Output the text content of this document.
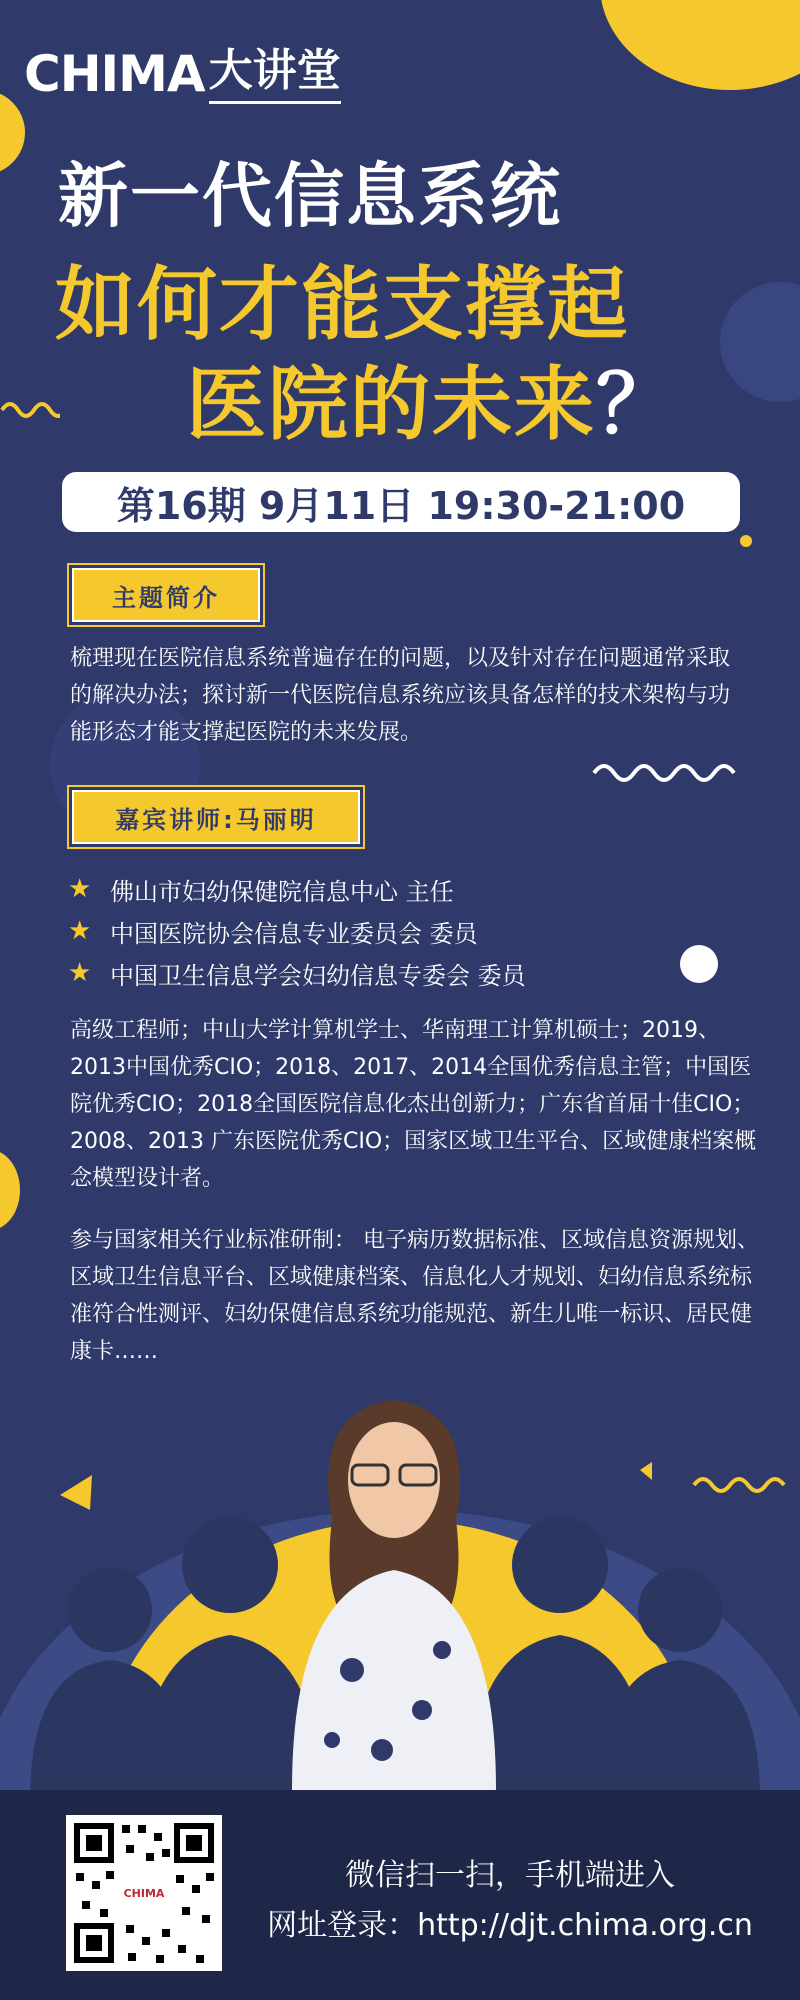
CHIMA 大讲堂
新一代信息系统
如何才能支撑起
医院的未来？
第16期 9月11日 19:30-21:00
主题简介
梳理现在医院信息系统普遍存在的问题，以及针对存在问题通常采取的解决办法；探讨新一代医院信息系统应该具备怎样的技术架构与功能形态才能支撑起医院的未来发展。
嘉宾讲师:马丽明
★ 佛山市妇幼保健院信息中心 主任
★ 中国医院协会信息专业委员会 委员
★ 中国卫生信息学会妇幼信息专委会 委员
高级工程师；中山大学计算机学士、华南理工计算机硕士；2019、2013中国优秀CIO；2018、2017、2014全国优秀信息主管；中国医院优秀CIO；2018全国医院信息化杰出创新力；广东省首届十佳CIO；2008、2013 广东医院优秀CIO；国家区域卫生平台、区域健康档案概念模型设计者。
参与国家相关行业标准研制： 电子病历数据标准、区域信息资源规划、 区域卫生信息平台、区域健康档案、信息化人才规划、妇幼信息系统标准符合性测评、妇幼保健信息系统功能规范、新生儿唯一标识、居民健康卡……
CHIMA
微信扫一扫，手机端进入
网址登录：http://djt.chima.org.cn
